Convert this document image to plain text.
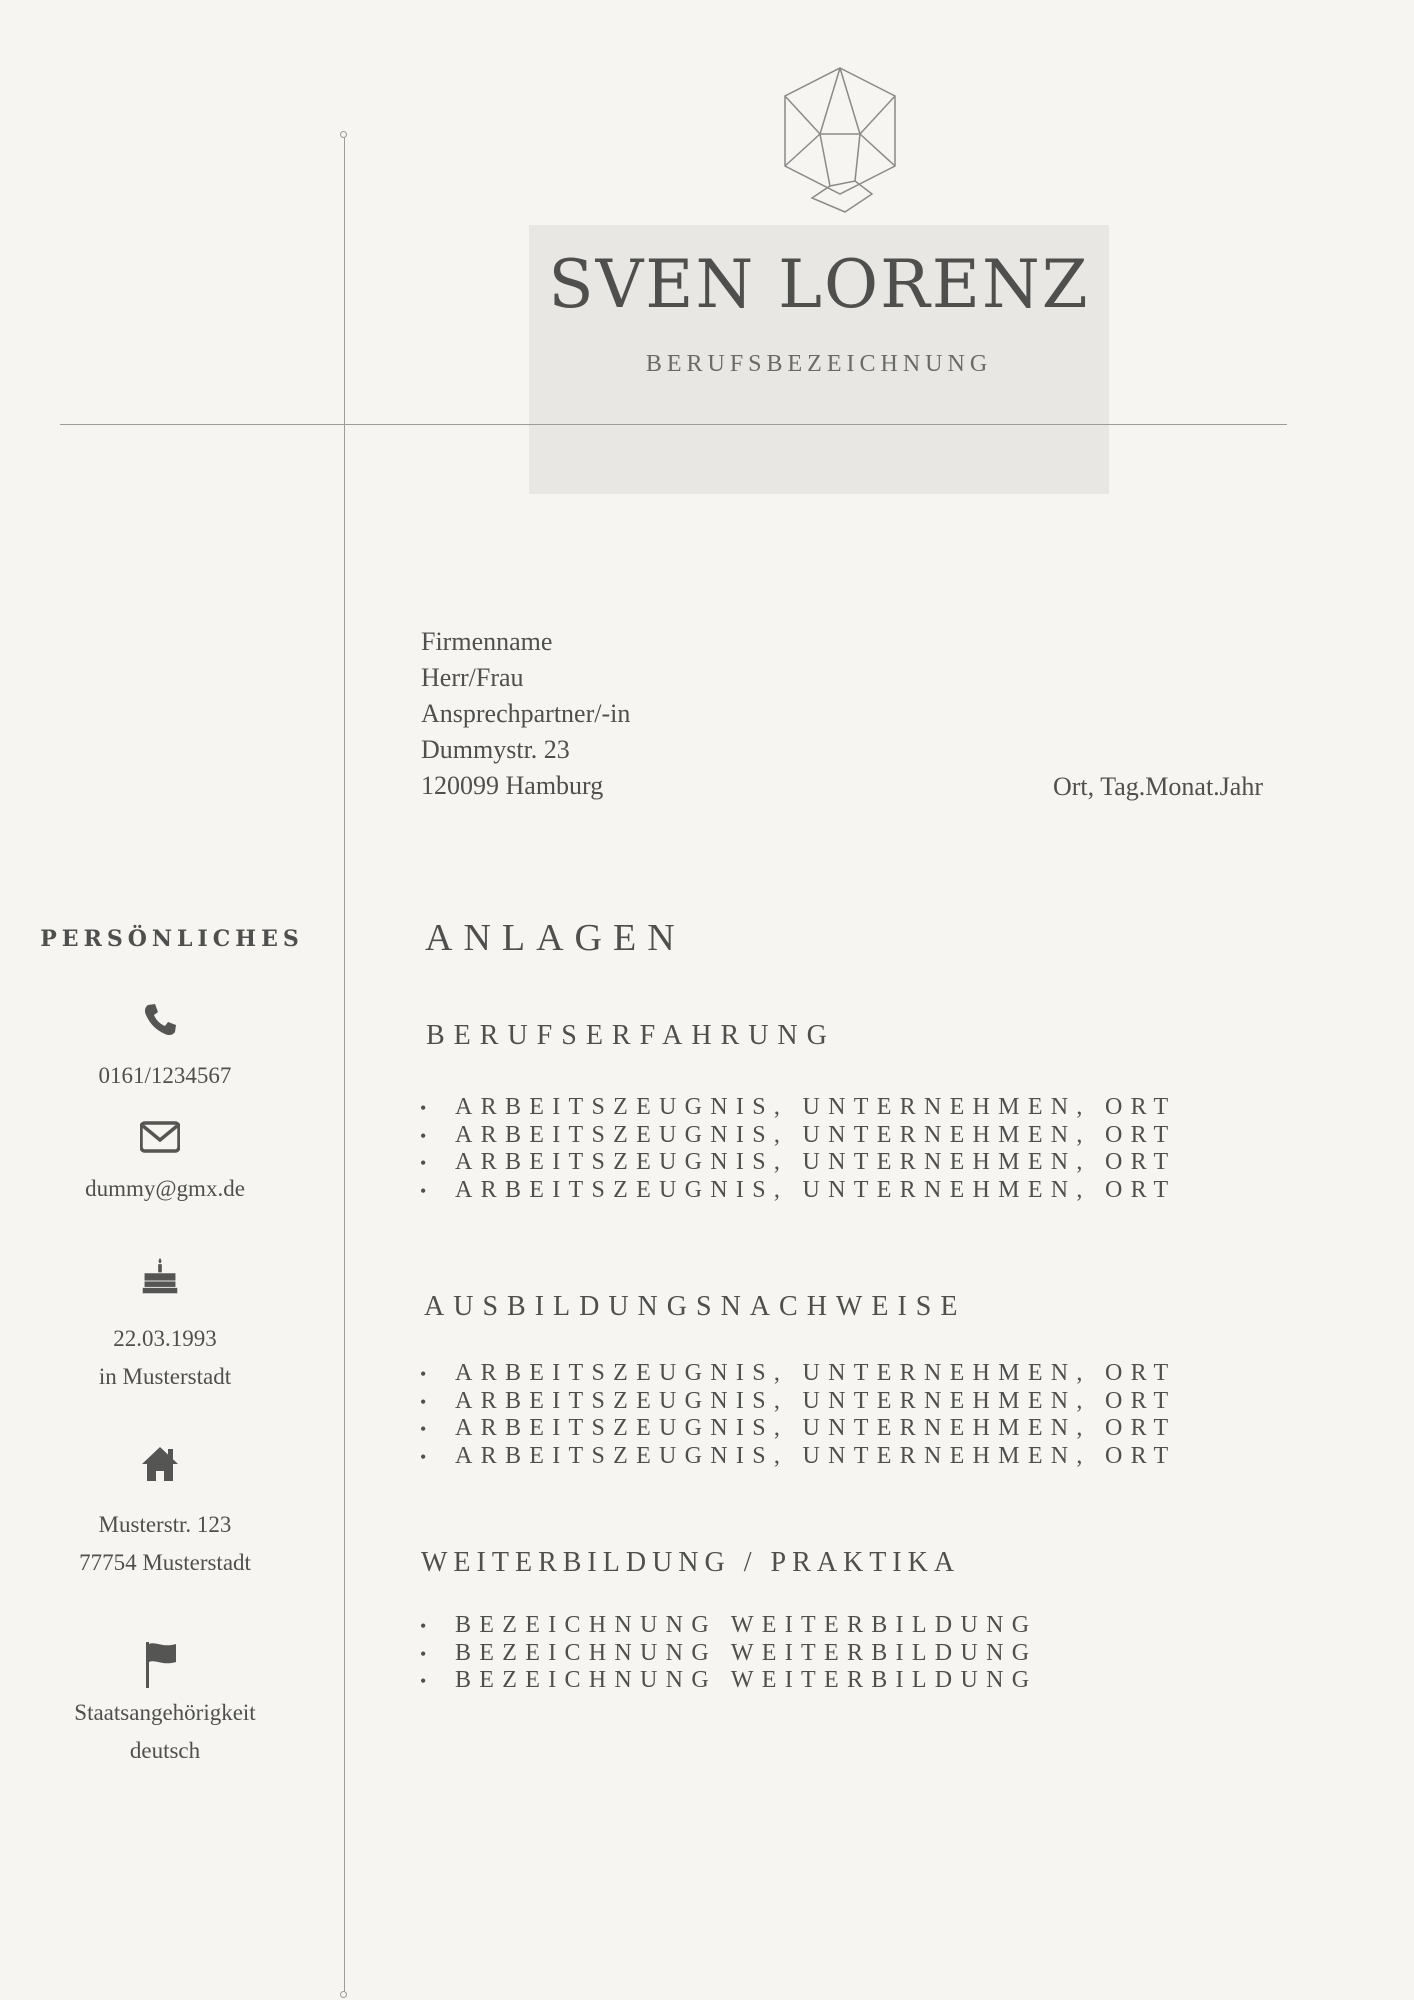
SVEN LORENZ
BERUFSBEZEICHNUNG
Firmenname
Herr/Frau
Ansprechpartner/-in
Dummystr. 23
120099 Hamburg	Ort, Tag.Monat.Jahr
PERSÖNLICHES
0161/1234567
dummy@gmx.de
22.03.1993
in Musterstadt
Musterstr. 123
77754 Musterstadt
Staatsangehörigkeit
deutsch
ANLAGEN
BERUFSERFAHRUNG
• ARBEITSZEUGNIS, UNTERNEHMEN, ORT
• ARBEITSZEUGNIS, UNTERNEHMEN, ORT
• ARBEITSZEUGNIS, UNTERNEHMEN, ORT
• ARBEITSZEUGNIS, UNTERNEHMEN, ORT
AUSBILDUNGSNACHWEISE
• ARBEITSZEUGNIS, UNTERNEHMEN, ORT
• ARBEITSZEUGNIS, UNTERNEHMEN, ORT
• ARBEITSZEUGNIS, UNTERNEHMEN, ORT
• ARBEITSZEUGNIS, UNTERNEHMEN, ORT
WEITERBILDUNG / PRAKTIKA
• BEZEICHNUNG WEITERBILDUNG
• BEZEICHNUNG WEITERBILDUNG
• BEZEICHNUNG WEITERBILDUNG
